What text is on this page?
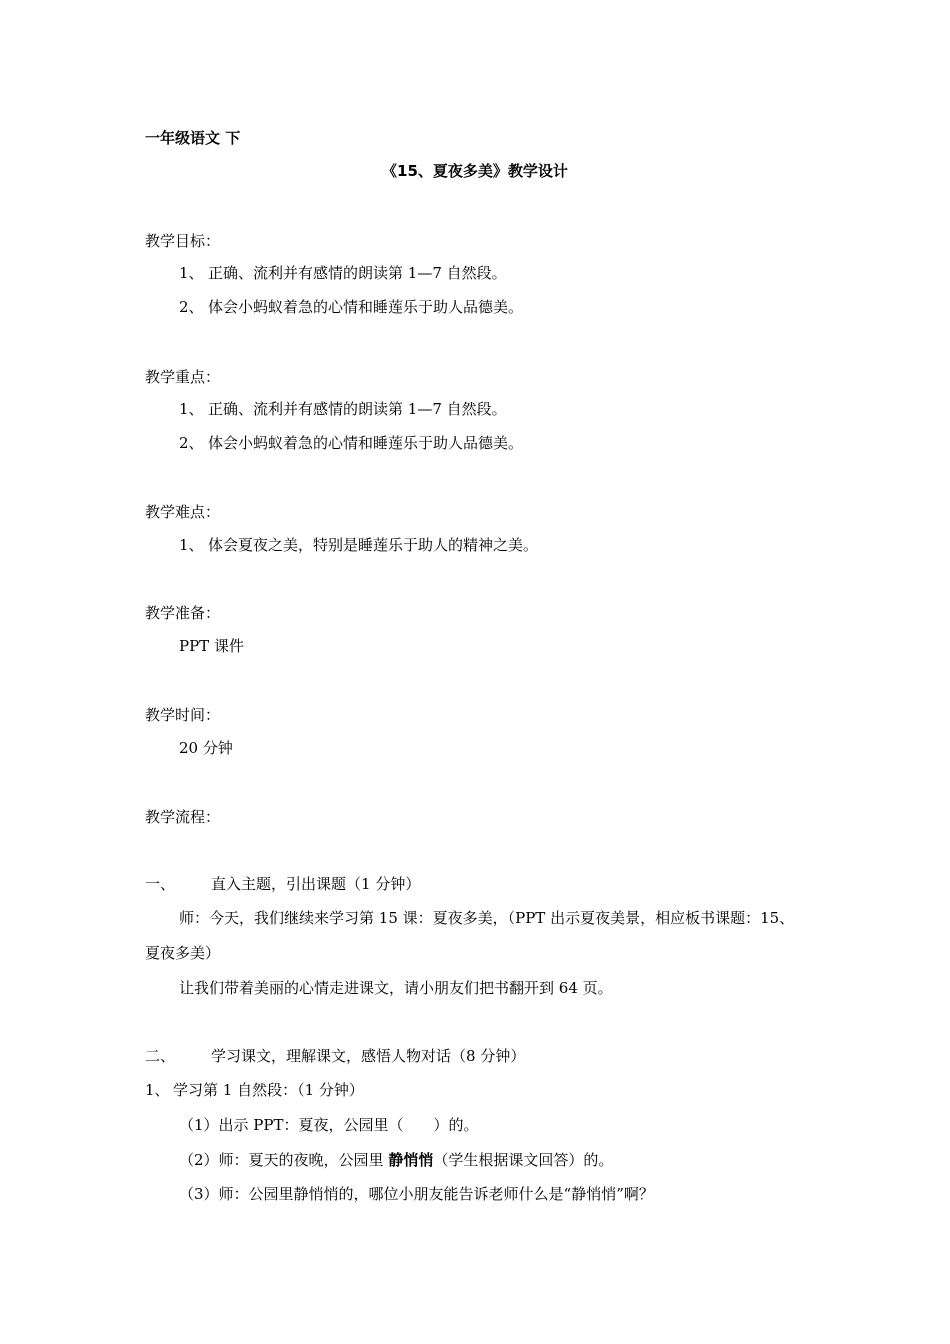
一年级语文 下
《15、夏夜多美》教学设计
教学目标：
1、 正确、流利并有感情的朗读第 1—7 自然段。
2、 体会小蚂蚁着急的心情和睡莲乐于助人品德美。
教学重点：
1、 正确、流利并有感情的朗读第 1—7 自然段。
2、 体会小蚂蚁着急的心情和睡莲乐于助人品德美。
教学难点：
1、 体会夏夜之美，特别是睡莲乐于助人的精神之美。
教学准备：
PPT 课件
教学时间：
20 分钟
教学流程：
一、 直入主题，引出课题（1 分钟）
师：今天，我们继续来学习第 15 课：夏夜多美，（PPT 出示夏夜美景，相应板书课题：15、
夏夜多美）
让我们带着美丽的心情走进课文，请小朋友们把书翻开到 64 页。
二、 学习课文，理解课文，感悟人物对话（8 分钟）
1、 学习第 1 自然段：（1 分钟）
（1）出示 PPT：夏夜，公园里（　　）的。
（2）师：夏天的夜晚，公园里 静悄悄（学生根据课文回答）的。
（3）师：公园里静悄悄的，哪位小朋友能告诉老师什么是“静悄悄”啊？
